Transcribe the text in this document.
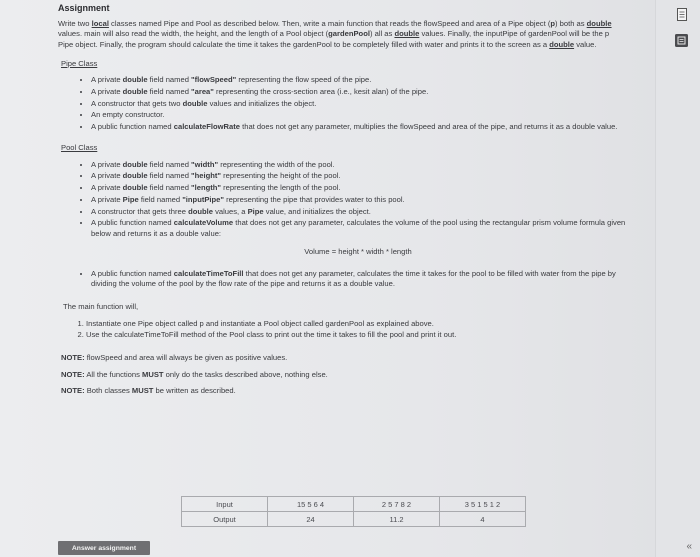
Assignment
Write two local classes named Pipe and Pool as described below. Then, write a main function that reads the flowSpeed and area of a Pipe object (p) both as double values. main will also read the width, the height, and the length of a Pool object (gardenPool) all as double values. Finally, the inputPipe of gardenPool will be the p Pipe object. Finally, the program should calculate the time it takes the gardenPool to be completely filled with water and prints it to the screen as a double value.
Pipe Class
• A private double field named "flowSpeed" representing the flow speed of the pipe.
• A private double field named "area" representing the cross-section area (i.e., kesit alan) of the pipe.
• A constructor that gets two double values and initializes the object.
• An empty constructor.
• A public function named calculateFlowRate that does not get any parameter, multiplies the flowSpeed and area of the pipe, and returns it as a double value.
Pool Class
• A private double field named "width" representing the width of the pool.
• A private double field named "height" representing the height of the pool.
• A private double field named "length" representing the length of the pool.
• A private Pipe field named "inputPipe" representing the pipe that provides water to this pool.
• A constructor that gets three double values, a Pipe value, and initializes the object.
• A public function named calculateVolume that does not get any parameter, calculates the volume of the pool using the rectangular prism volume formula given below and returns it as a double value:
Volume = height * width * length
• A public function named calculateTimeToFill that does not get any parameter, calculates the time it takes for the pool to be filled with water from the pipe by dividing the volume of the pool by the flow rate of the pipe and returns it as a double value.
The main function will,
1. Instantiate one Pipe object called p and instantiate a Pool object called gardenPool as explained above.
2. Use the calculateTimeToFill method of the Pool class to print out the time it takes to fill the pool and print it out.
NOTE: flowSpeed and area will always be given as positive values.
NOTE: All the functions MUST only do the tasks described above, nothing else.
NOTE: Both classes MUST be written as described.
Input	15 5 6 4	2 5 7 8 2	3 5 1 5 1 2
Output	24	11.2	4
Answer assignment	«
